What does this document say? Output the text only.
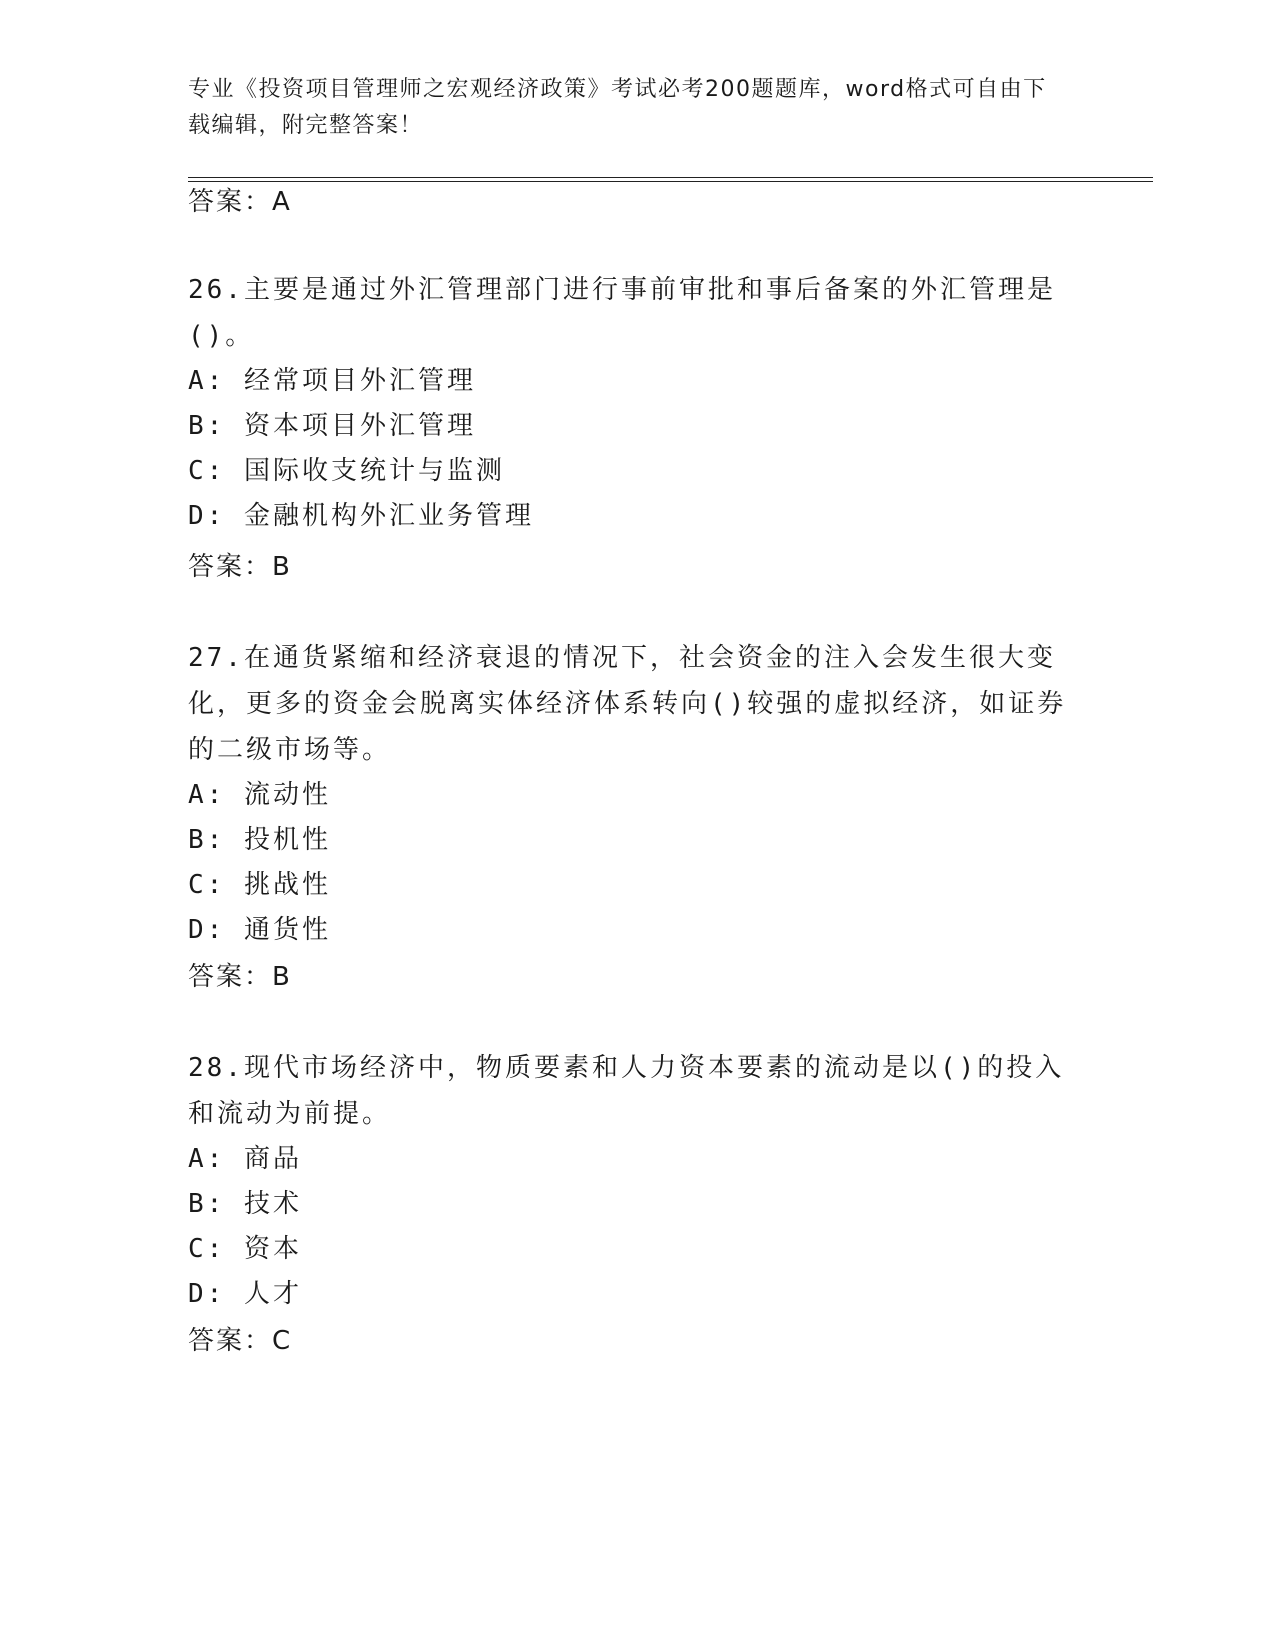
专业《投资项目管理师之宏观经济政策》考试必考200题题库，word格式可自由下载编辑，附完整答案！
答案：A

26.主要是通过外汇管理部门进行事前审批和事后备案的外汇管理是()。

A: 经常项目外汇管理

B: 资本项目外汇管理

C: 国际收支统计与监测

D: 金融机构外汇业务管理

答案：B

27.在通货紧缩和经济衰退的情况下，社会资金的注入会发生很大变化，更多的资金会脱离实体经济体系转向()较强的虚拟经济，如证券的二级市场等。

A: 流动性

B: 投机性

C: 挑战性

D: 通货性

答案：B

28.现代市场经济中，物质要素和人力资本要素的流动是以()的投入和流动为前提。

A: 商品

B: 技术

C: 资本

D: 人才

答案：C
